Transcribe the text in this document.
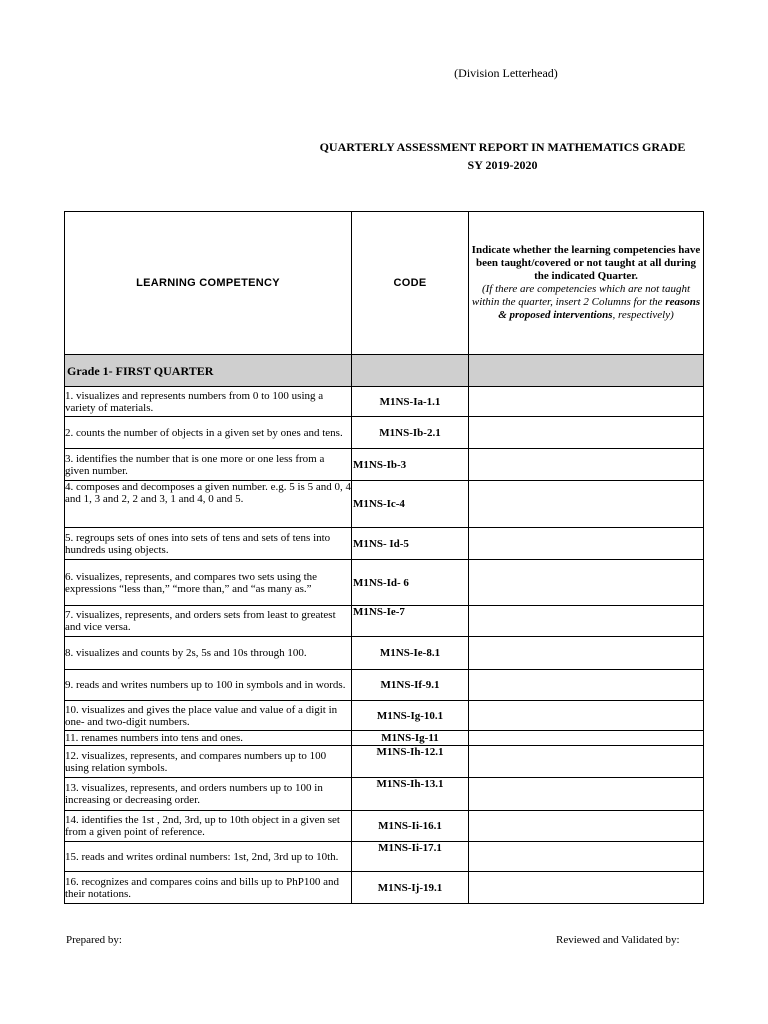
(Division Letterhead)
QUARTERLY ASSESSMENT REPORT IN MATHEMATICS GRADE
SY 2019-2020
LEARNING COMPETENCY	CODE	Indicate whether the learning competencies have been taught/covered or not taught at all during the indicated Quarter.
(If there are competencies which are not taught within the quarter, insert 2 Columns for the reasons & proposed interventions, respectively)

Grade 1- FIRST QUARTER		
1. visualizes and represents numbers from 0 to 100 using a variety of materials.	M1NS-Ia-1.1	
2. counts the number of objects in a given set by ones and tens.	M1NS-Ib-2.1	
3. identifies the number that is one more or one less from a given number.	M1NS-Ib-3	
4. composes and decomposes a given number. e.g. 5 is 5 and 0, 4 and 1, 3 and 2, 2 and 3, 1 and 4, 0 and 5.	M1NS-Ic-4	
5. regroups sets of ones into sets of tens and sets of tens into hundreds using objects.	M1NS- Id-5	
6. visualizes, represents, and compares two sets using the expressions “less than,” “more than,” and “as many as.”	M1NS-Id- 6	
7. visualizes, represents, and orders sets from least to greatest and vice versa.	M1NS-Ie-7	
8. visualizes and counts by 2s, 5s and 10s through 100.	M1NS-Ie-8.1	
9. reads and writes numbers up to 100 in symbols and in words.	M1NS-If-9.1	
10. visualizes and gives the place value and value of a digit in one- and two-digit numbers.	M1NS-Ig-10.1	
11. renames numbers into tens and ones.	M1NS-Ig-11	
12. visualizes, represents, and compares numbers up to 100 using relation symbols.	M1NS-Ih-12.1	
13. visualizes, represents, and orders numbers up to 100 in increasing or decreasing order.	M1NS-Ih-13.1	
14. identifies the 1st , 2nd, 3rd, up to 10th object in a given set from a given point of reference.	M1NS-Ii-16.1	
15. reads and writes ordinal numbers: 1st, 2nd, 3rd up to 10th.	M1NS-Ii-17.1	
16. recognizes and compares coins and bills up to PhP100 and their notations.	M1NS-Ij-19.1	
Prepared by:	Reviewed and Validated by:
